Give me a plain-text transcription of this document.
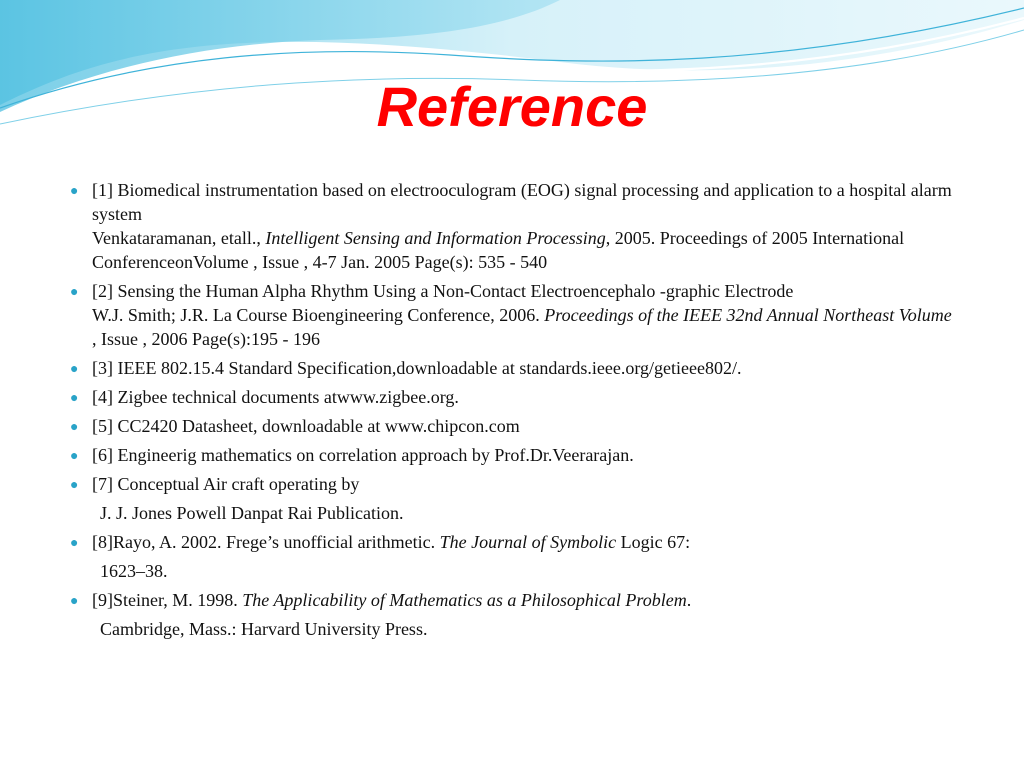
Reference
● [1] Biomedical instrumentation based on electrooculogram (EOG) signal processing and application to a hospital alarm system
Venkataramanan, etall., Intelligent Sensing and Information Processing, 2005. Proceedings of 2005 International ConferenceonVolume , Issue , 4-7 Jan. 2005 Page(s): 535 - 540
● [2] Sensing the Human Alpha Rhythm Using a Non-Contact Electroencephalo -graphic Electrode
W.J. Smith; J.R. La Course Bioengineering Conference, 2006. Proceedings of the IEEE 32nd Annual Northeast Volume , Issue , 2006 Page(s):195 - 196
● [3] IEEE 802.15.4 Standard Specification,downloadable at standards.ieee.org/getieee802/.
● [4] Zigbee technical documents atwww.zigbee.org.
● [5] CC2420 Datasheet, downloadable at www.chipcon.com
● [6] Engineerig mathematics on correlation approach by Prof.Dr.Veerarajan.
● [7] Conceptual Air craft operating by
J. J. Jones Powell Danpat Rai Publication.
● [8]Rayo, A. 2002. Frege’s unofficial arithmetic. The Journal of Symbolic Logic 67:
1623–38.
● [9]Steiner, M. 1998. The Applicability of Mathematics as a Philosophical Problem.
Cambridge, Mass.: Harvard University Press.
